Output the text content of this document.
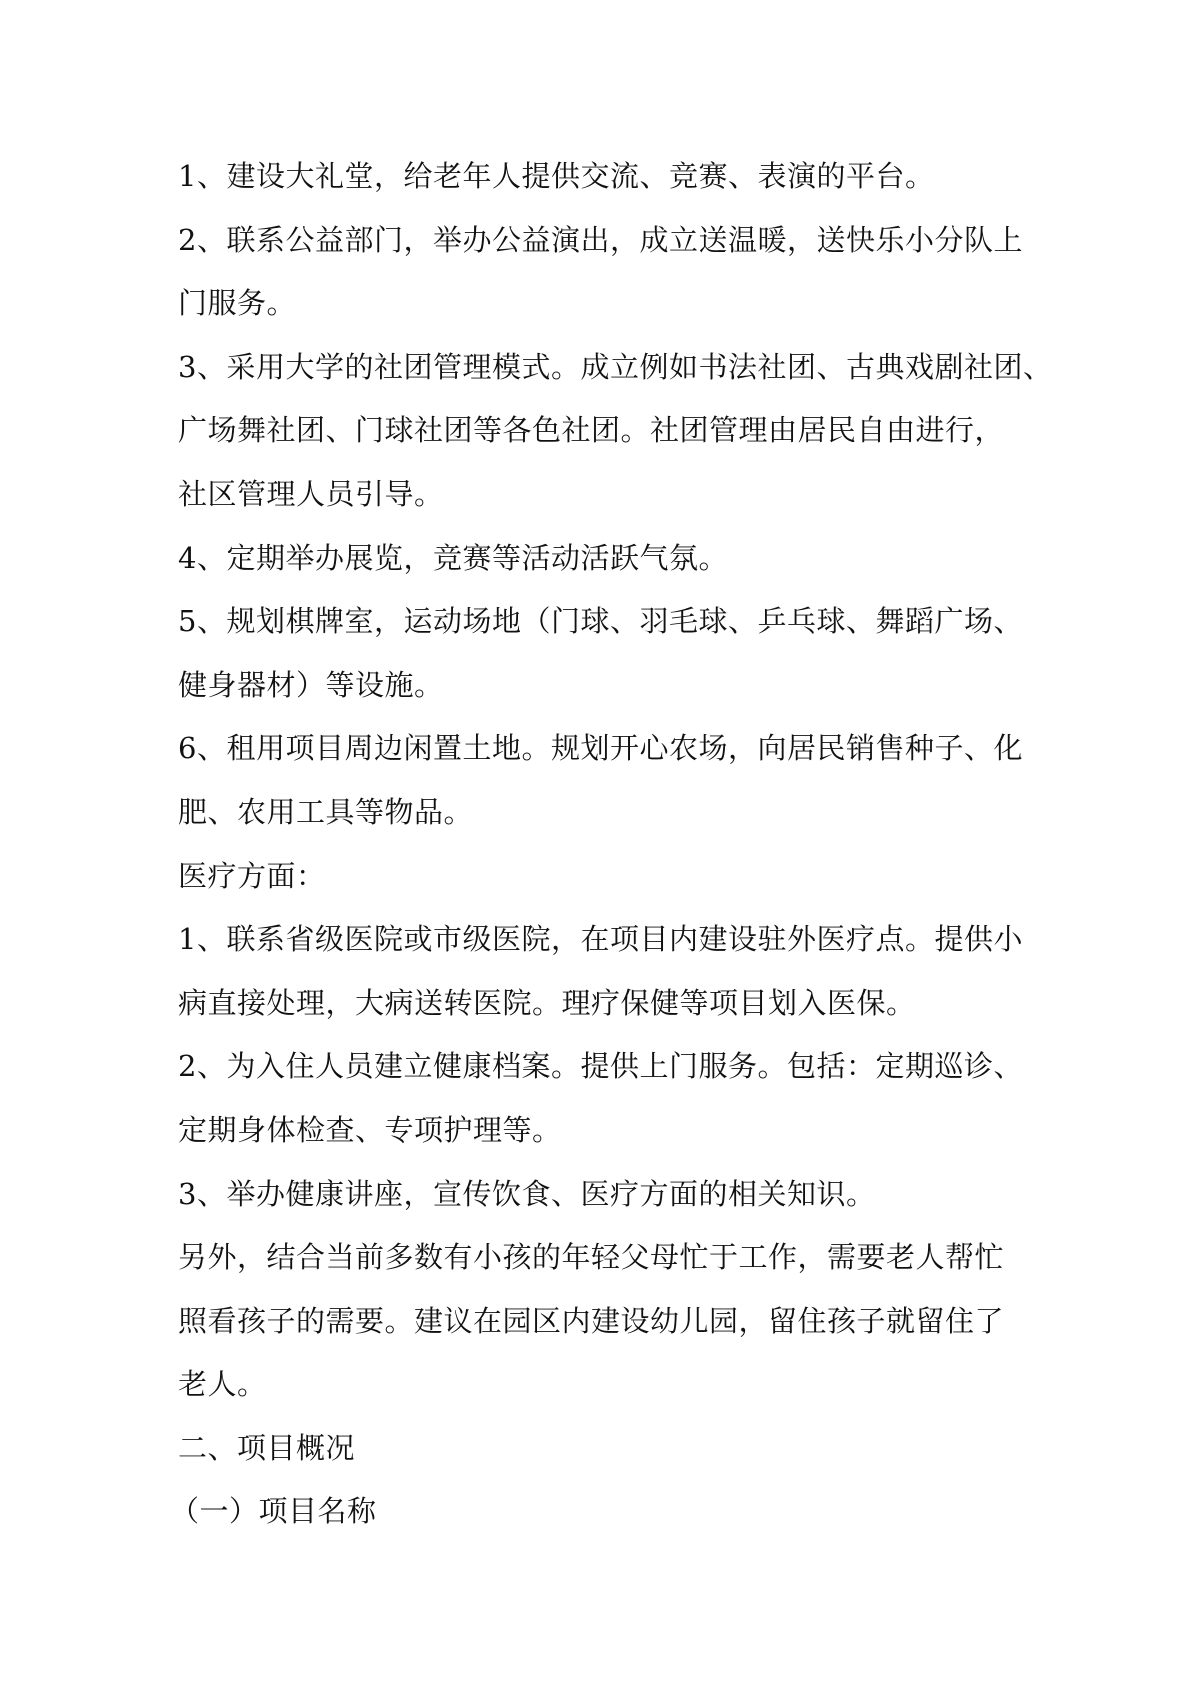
1、建设大礼堂，给老年人提供交流、竞赛、表演的平台。
2、联系公益部门，举办公益演出，成立送温暖，送快乐小分队上
门服务。
3、采用大学的社团管理模式。成立例如书法社团、古典戏剧社团、
广场舞社团、门球社团等各色社团。社团管理由居民自由进行，
社区管理人员引导。
4、定期举办展览，竞赛等活动活跃气氛。
5、规划棋牌室，运动场地（门球、羽毛球、乒乓球、舞蹈广场、
健身器材）等设施。
6、租用项目周边闲置土地。规划开心农场，向居民销售种子、化
肥、农用工具等物品。
医疗方面：
1、联系省级医院或市级医院，在项目内建设驻外医疗点。提供小
病直接处理，大病送转医院。理疗保健等项目划入医保。
2、为入住人员建立健康档案。提供上门服务。包括：定期巡诊、
定期身体检查、专项护理等。
3、举办健康讲座，宣传饮食、医疗方面的相关知识。
另外，结合当前多数有小孩的年轻父母忙于工作，需要老人帮忙
照看孩子的需要。建议在园区内建设幼儿园，留住孩子就留住了
老人。
二、项目概况
（一）项目名称
